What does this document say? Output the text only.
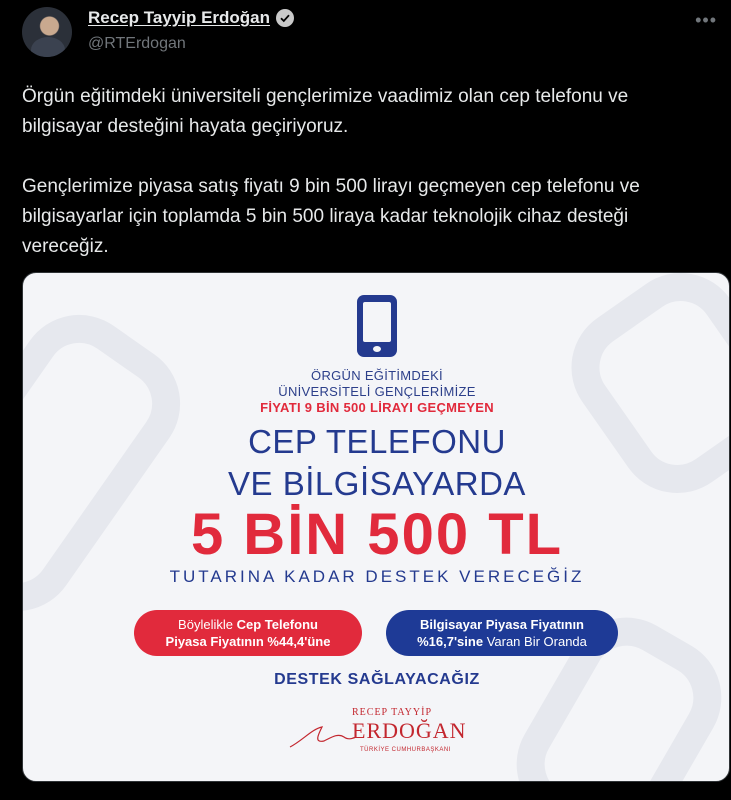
Recep Tayyip Erdoğan
@RTErdogan
•••

Örgün eğitimdeki üniversiteli gençlerimize vaadimiz olan cep telefonu ve bilgisayar desteğini hayata geçiriyoruz.

Gençlerimize piyasa satış fiyatı 9 bin 500 lirayı geçmeyen cep telefonu ve bilgisayarlar için toplamda 5 bin 500 liraya kadar teknolojik cihaz desteği vereceğiz.

ÖRGÜN EĞİTİMDEKİ
ÜNİVERSİTELİ GENÇLERİMİZE
FİYATI 9 BİN 500 LİRAYI GEÇMEYEN
CEP TELEFONU
VE BİLGİSAYARDA
5 BİN 500 TL
TUTARINA KADAR DESTEK VERECEĞİZ
Böylelikle Cep Telefonu
Piyasa Fiyatının %44,4'üne
Bilgisayar Piyasa Fiyatının
%16,7'sine Varan Bir Oranda
DESTEK SAĞLAYACAĞIZ
RECEP TAYYİP
ERDOĞAN
TÜRKİYE CUMHURBAŞKANI
